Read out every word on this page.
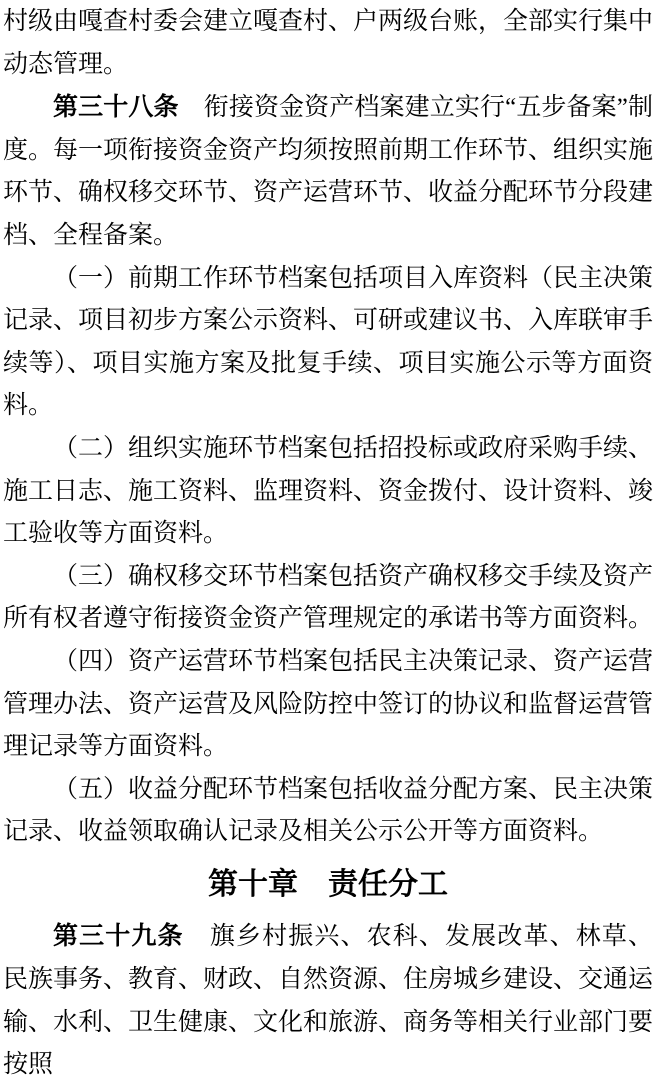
村级由嘎查村委会建立嘎查村、户两级台账，全部实行集中动态管理。

第三十八条　衔接资金资产档案建立实行“五步备案”制度。每一项衔接资金资产均须按照前期工作环节、组织实施环节、确权移交环节、资产运营环节、收益分配环节分段建档、全程备案。

（一）前期工作环节档案包括项目入库资料（民主决策记录、项目初步方案公示资料、可研或建议书、入库联审手续等）、项目实施方案及批复手续、项目实施公示等方面资料。

（二）组织实施环节档案包括招投标或政府采购手续、施工日志、施工资料、监理资料、资金拨付、设计资料、竣工验收等方面资料。

（三）确权移交环节档案包括资产确权移交手续及资产所有权者遵守衔接资金资产管理规定的承诺书等方面资料。

（四）资产运营环节档案包括民主决策记录、资产运营管理办法、资产运营及风险防控中签订的协议和监督运营管理记录等方面资料。

（五）收益分配环节档案包括收益分配方案、民主决策记录、收益领取确认记录及相关公示公开等方面资料。

第十章　责任分工

第三十九条　旗乡村振兴、农科、发展改革、林草、民族事务、教育、财政、自然资源、住房城乡建设、交通运输、水利、卫生健康、文化和旅游、商务等相关行业部门要按照
